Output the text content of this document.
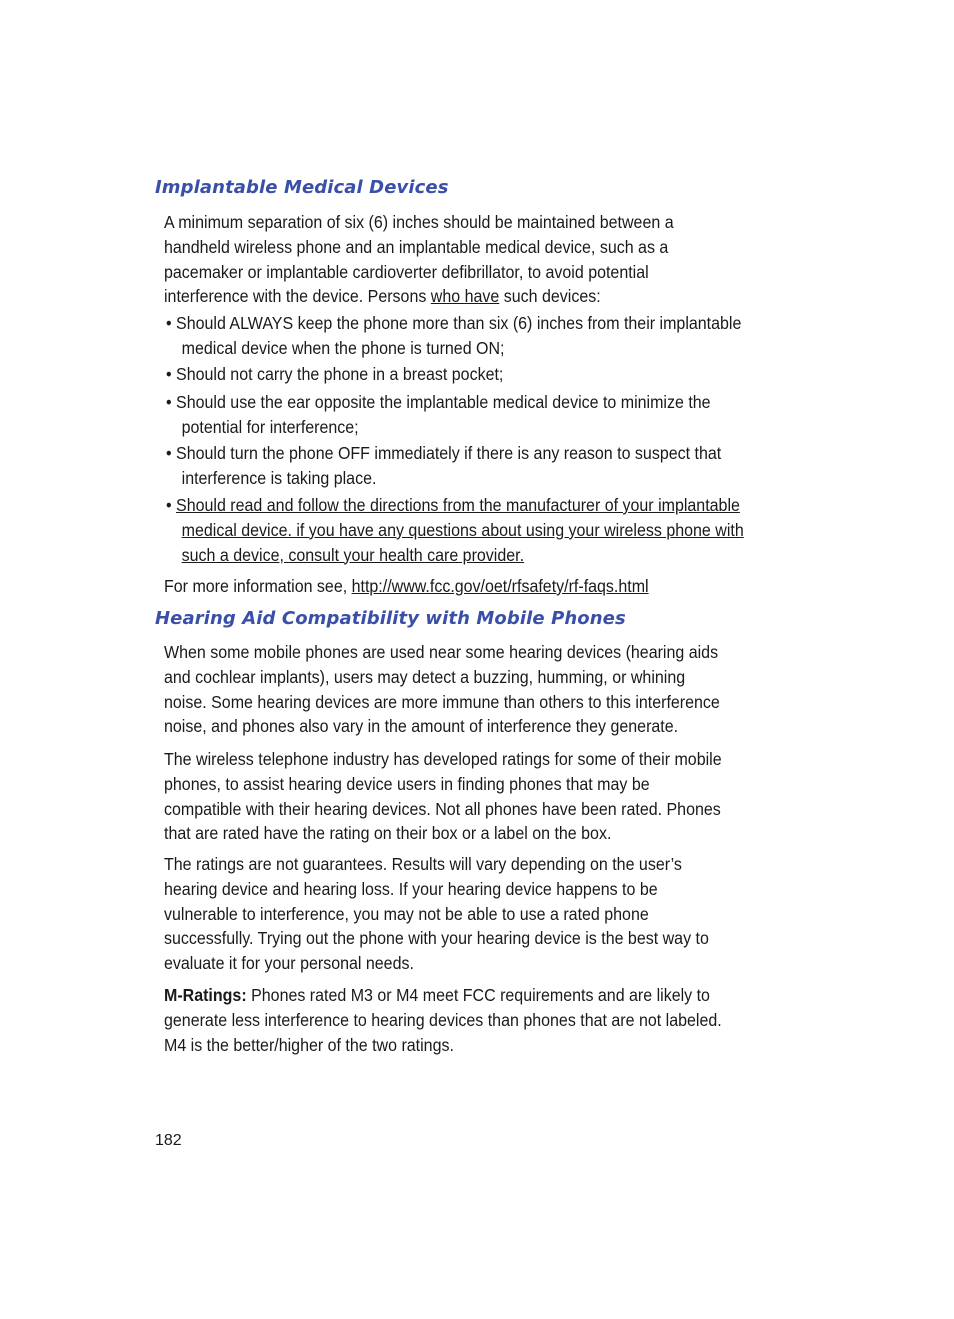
Implantable Medical Devices

A minimum separation of six (6) inches should be maintained between a handheld wireless phone and an implantable medical device, such as a pacemaker or implantable cardioverter defibrillator, to avoid potential interference with the device. Persons who have such devices:

• Should ALWAYS keep the phone more than six (6) inches from their implantable medical device when the phone is turned ON;
• Should not carry the phone in a breast pocket;
• Should use the ear opposite the implantable medical device to minimize the potential for interference;
• Should turn the phone OFF immediately if there is any reason to suspect that interference is taking place.
• Should read and follow the directions from the manufacturer of your implantable medical device. if you have any questions about using your wireless phone with such a device, consult your health care provider.

For more information see, http://www.fcc.gov/oet/rfsafety/rf-faqs.html

Hearing Aid Compatibility with Mobile Phones

When some mobile phones are used near some hearing devices (hearing aids and cochlear implants), users may detect a buzzing, humming, or whining noise. Some hearing devices are more immune than others to this interference noise, and phones also vary in the amount of interference they generate.

The wireless telephone industry has developed ratings for some of their mobile phones, to assist hearing device users in finding phones that may be compatible with their hearing devices. Not all phones have been rated. Phones that are rated have the rating on their box or a label on the box.

The ratings are not guarantees. Results will vary depending on the user’s hearing device and hearing loss. If your hearing device happens to be vulnerable to interference, you may not be able to use a rated phone successfully. Trying out the phone with your hearing device is the best way to evaluate it for your personal needs.

M-Ratings: Phones rated M3 or M4 meet FCC requirements and are likely to generate less interference to hearing devices than phones that are not labeled. M4 is the better/higher of the two ratings.

182
